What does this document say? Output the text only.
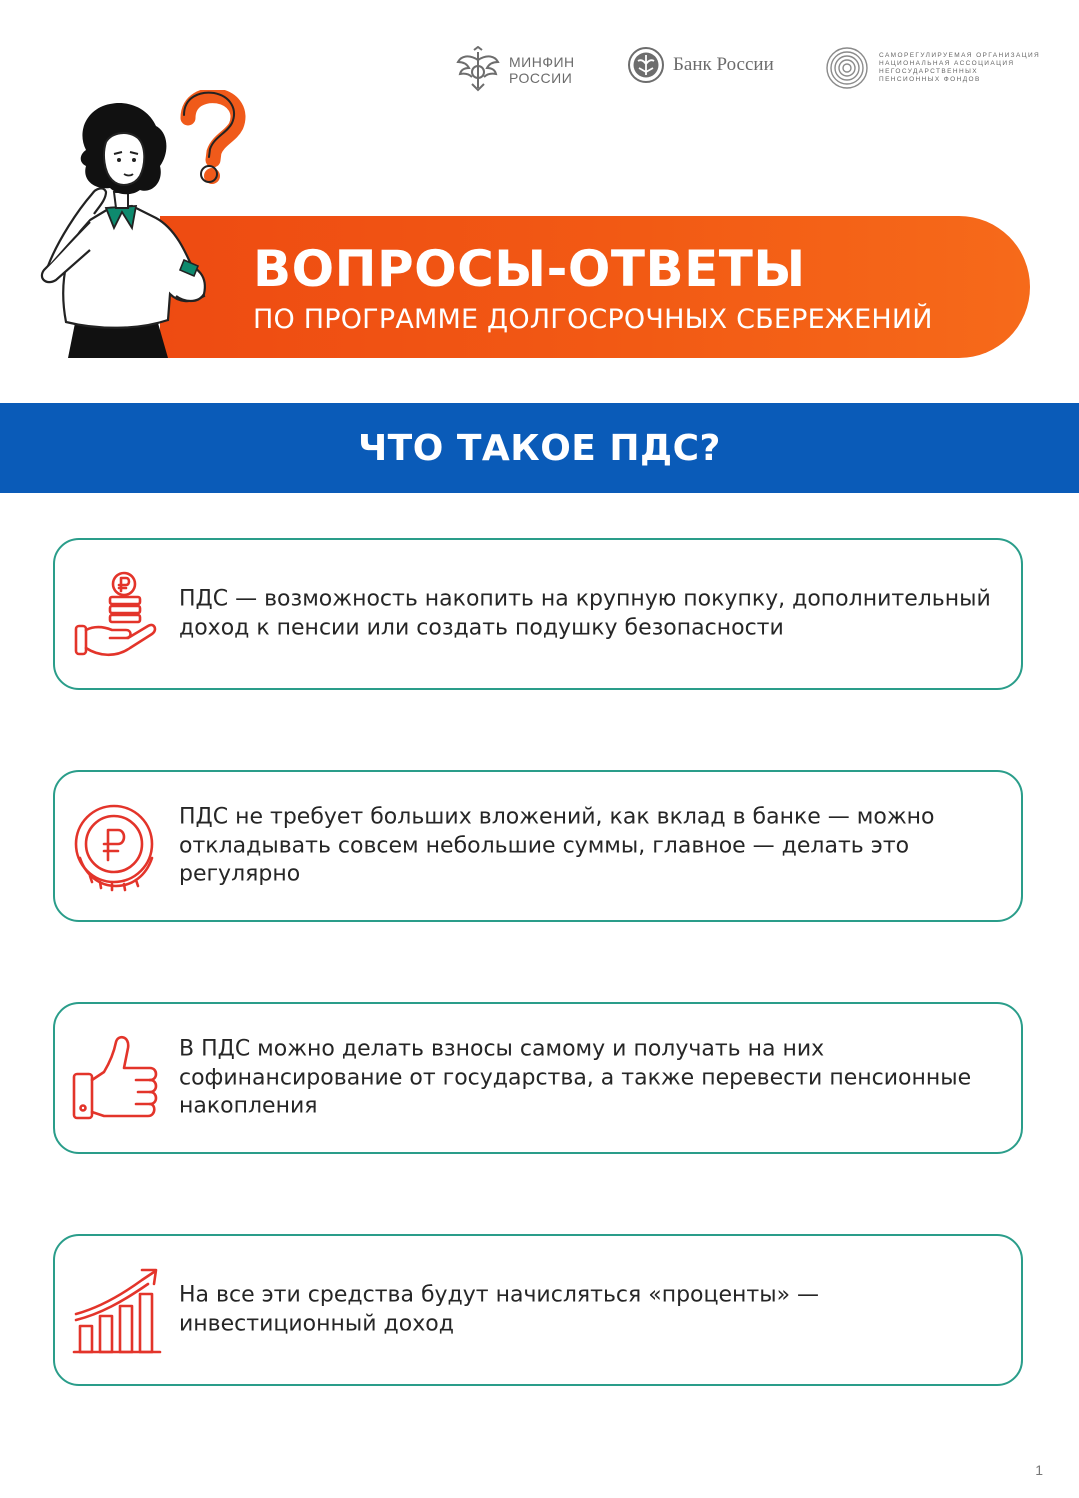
МИНФИН
РОССИИ
Банк России	САМОРЕГУЛИРУЕМАЯ ОРГАНИЗАЦИЯ
НАЦИОНАЛЬНАЯ АССОЦИАЦИЯ
НЕГОСУДАРСТВЕННЫХ
ПЕНСИОННЫХ ФОНДОВ
ВОПРОСЫ-ОТВЕТЫ
ПО ПРОГРАММЕ ДОЛГОСРОЧНЫХ СБЕРЕЖЕНИЙ
ЧТО ТАКОЕ ПДС?
ПДС — возможность накопить на крупную покупку, дополнительный доход к пенсии или создать подушку безопасности
ПДС не требует больших вложений, как вклад в банке — можно откладывать совсем небольшие суммы, главное — делать это регулярно
В ПДС можно делать взносы самому и получать на них софинансирование от государства, а также перевести пенсионные накопления
На все эти средства будут начисляться «проценты» — инвестиционный доход
1
